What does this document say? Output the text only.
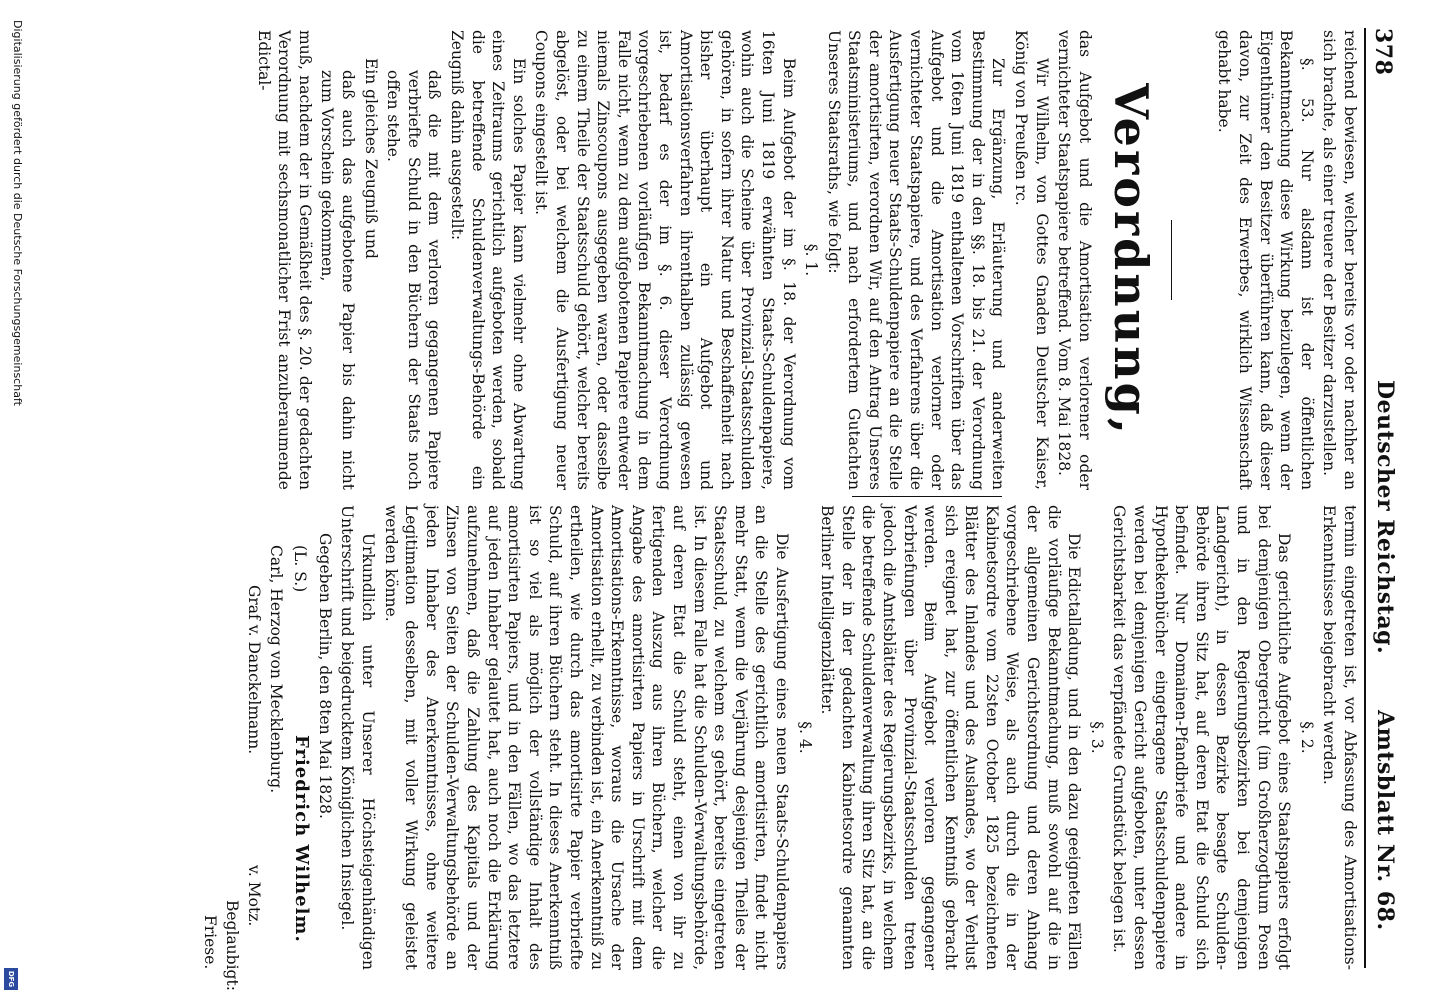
Digitalisierung gefördert durch die Deutsche Forschungsgemeinschaft
DFG
378
Deutscher Reichstag.
Amtsblatt Nr. 68.

reichend bewiesen, welcher bereits vor oder nachher an sich brachte, als einer treuere der Besitzer darzustellen.

§. 53. Nur alsdann ist der öffentlichen Bekanntmachung diese Wirkung beizulegen, wenn der Eigenthümer den Besitzer überführen kann, daß dieser davon, zur Zeit des Erwerbes, wirklich Wissenschaft gehabt habe.

Verordnung,

das Aufgebot und die Amortisation verlorener oder vernichteter Staatspapiere betreffend. Vom 8. Mai 1828.

Wir Wilhelm, von Gottes Gnaden Deutscher Kaiser, König von Preußen rc.

Zur Ergänzung, Erläuterung und anderweiten Bestimmung der in den §§. 18. bis 21. der Verordnung vom 16ten Juni 1819 enthaltenen Vorschriften über das Aufgebot und die Amortisation verlorner oder vernichteter Staatspapiere, und des Verfahrens über die Ausfertigung neuer Staats-Schuldenpapiere an die Stelle der amortisirten, verordnen Wir, auf den Antrag Unseres Staatsministeriums, und nach erfordertem Gutachten Unseres Staatsraths, wie folgt:

§. 1.

Beim Aufgebot der im §. 18. der Verordnung vom 16ten Juni 1819 erwähnten Staats-Schuldenpapiere, wohin auch die Scheine über Provinzial-Staatsschulden gehören, in sofern ihrer Natur und Beschaffenheit nach bisher überhaupt ein Aufgebot und Amortisationsverfahren ihrenthalben zulässig gewesen ist, bedarf es der im §. 6. dieser Verordnung vorgeschriebenen vorläufigen Bekanntmachung in dem Falle nicht, wenn zu dem aufgebotenen Papiere entweder niemals Zinscoupons ausgegeben waren, oder dasselbe zu einem Theile der Staatsschuld gehört, welcher bereits abgelöst, oder bei welchem die Ausfertigung neuer Coupons eingestellt ist.

Ein solches Papier kann vielmehr ohne Abwartung eines Zeitraums gerichtlich aufgeboten werden, sobald die betreffende Schuldenverwaltungs-Behörde ein Zeugniß dahin ausgestellt:

daß die mit dem verloren gegangenen Papiere verbriefte Schuld in den Büchern der Staats noch offen stehe.

Ein gleiches Zeugniß und

daß auch das aufgebotene Papier bis dahin nicht zum Vorschein gekommen,

muß, nachdem der in Gemäßheit des §. 20. der gedachten Verordnung mit sechsmonatlicher Frist anzuberaumende Edictal-

termin eingetreten ist, vor Abfassung des Amortisations-Erkenntnisses beigebracht werden.

§. 2.

Das gerichtliche Aufgebot eines Staatspapiers erfolgt bei demjenigen Obergericht (im Großherzogthum Posen und in den Regierungsbezirken bei demjenigen Landgericht), in dessen Bezirke besagte Schulden-Behörde ihren Sitz hat, auf deren Etat die Schuld sich befindet. Nur Domainen-Pfandbriefe und andere in Hypothekenbücher eingetragene Staatsschuldenpapiere werden bei demjenigen Gericht aufgeboten, unter dessen Gerichtsbarkeit das verpfändete Grundstück belegen ist.

§. 3.

Die Edictalladung, und in den dazu geeigneten Fällen die vorläufige Bekanntmachung, muß sowohl auf die in der allgemeinen Gerichtsordnung und deren Anhang vorgeschriebene Weise, als auch durch die in der Kabinetsordre vom 22sten October 1825 bezeichneten Blätter des Inlandes und des Auslandes, wo der Verlust sich ereignet hat, zur öffentlichen Kenntniß gebracht werden. Beim Aufgebot verloren gegangener Verbriefungen über Provinzial-Staatsschulden treten jedoch die Amtsblätter des Regierungsbezirks, in welchem die betreffende Schuldenverwaltung ihren Sitz hat, an die Stelle der in der gedachten Kabinetsordre genannten Berliner Intelligenzblätter.

§. 4.

Die Ausfertigung eines neuen Staats-Schuldenpapiers an die Stelle des gerichtlich amortisirten, findet nicht mehr Statt, wenn die Verjährung desjenigen Theiles der Staatsschuld, zu welchem es gehört, bereits eingetreten ist. In diesem Falle hat die Schulden-Verwaltungsbehörde, auf deren Etat die Schuld steht, einen von ihr zu fertigenden Auszug aus ihren Büchern, welcher die Angabe des amortisirten Papiers in Urschrift mit dem Amortisations-Erkenntnisse, woraus die Ursache der Amortisation erhellt, zu verbinden ist, ein Anerkenntniß zu ertheilen, wie durch das amortisirte Papier verbriefte Schuld, auf ihren Büchern steht. In dieses Anerkenntniß ist so viel als möglich der vollständige Inhalt des amortisirten Papiers, und in den Fällen, wo das letztere auf jeden Inhaber gelautet hat, auch noch die Erklärung aufzunehmen, daß die Zahlung des Kapitals und der Zinsen von Seiten der Schulden-Verwaltungsbehörde an jeden Inhaber des Anerkenntnisses, ohne weitere Legitimation desselben, mit voller Wirkung geleistet werden könne.

Urkundlich unter Unserer Höchsteigenhändigen Unterschrift und beigedrucktem Königlichen Insiegel.

Gegeben Berlin, den 8ten Mai 1828.

(L. S.)
Friedrich Wilhelm.
Carl, Herzog von Mecklenburg.
Graf v. Danckelmann.
v. Motz.
Beglaubigt:
Friese.
